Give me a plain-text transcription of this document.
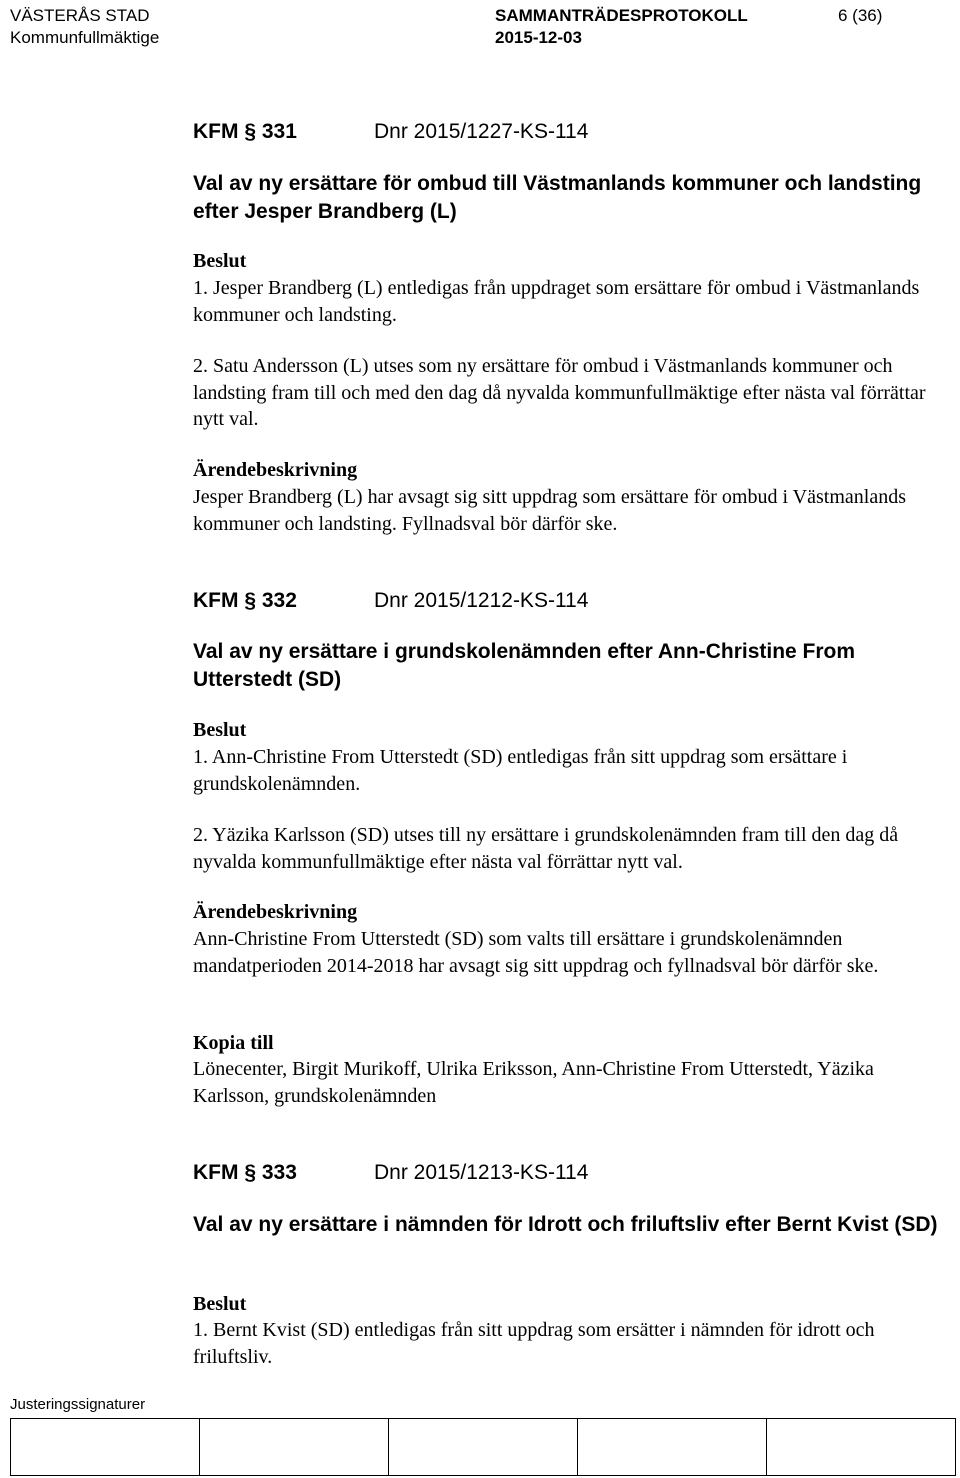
VÄSTERÅS STAD
Kommunfullmäktige
SAMMANTRÄDESPROTOKOLL
2015-12-03
6 (36)
KFM § 331	Dnr 2015/1227-KS-114
Val av ny ersättare för ombud till Västmanlands kommuner och landsting efter Jesper Brandberg (L)
Beslut
1. Jesper Brandberg (L) entledigas från uppdraget som ersättare för ombud i Västmanlands kommuner och landsting.
2. Satu Andersson (L) utses som ny ersättare för ombud i Västmanlands kommuner och landsting fram till och med den dag då nyvalda kommunfullmäktige efter nästa val förrättar nytt val.
Ärendebeskrivning
Jesper Brandberg (L) har avsagt sig sitt uppdrag som ersättare för ombud i Västmanlands kommuner och landsting. Fyllnadsval bör därför ske.
KFM § 332	Dnr 2015/1212-KS-114
Val av ny ersättare i grundskolenämnden efter Ann-Christine From Utterstedt (SD)
Beslut
1. Ann-Christine From Utterstedt (SD) entledigas från sitt uppdrag som ersättare i grundskolenämnden.
2. Yäzika Karlsson (SD) utses till ny ersättare i grundskolenämnden fram till den dag då nyvalda kommunfullmäktige efter nästa val förrättar nytt val.
Ärendebeskrivning
Ann-Christine From Utterstedt (SD) som valts till ersättare i grundskolenämnden mandatperioden 2014-2018 har avsagt sig sitt uppdrag och fyllnadsval bör därför ske.
Kopia till
Lönecenter, Birgit Murikoff, Ulrika Eriksson, Ann-Christine From Utterstedt, Yäzika Karlsson, grundskolenämnden
KFM § 333	Dnr 2015/1213-KS-114
Val av ny ersättare i nämnden för Idrott och friluftsliv efter Bernt Kvist (SD)
Beslut
1. Bernt Kvist (SD) entledigas från sitt uppdrag som ersätter i nämnden för idrott och friluftsliv.
Justeringssignaturer
